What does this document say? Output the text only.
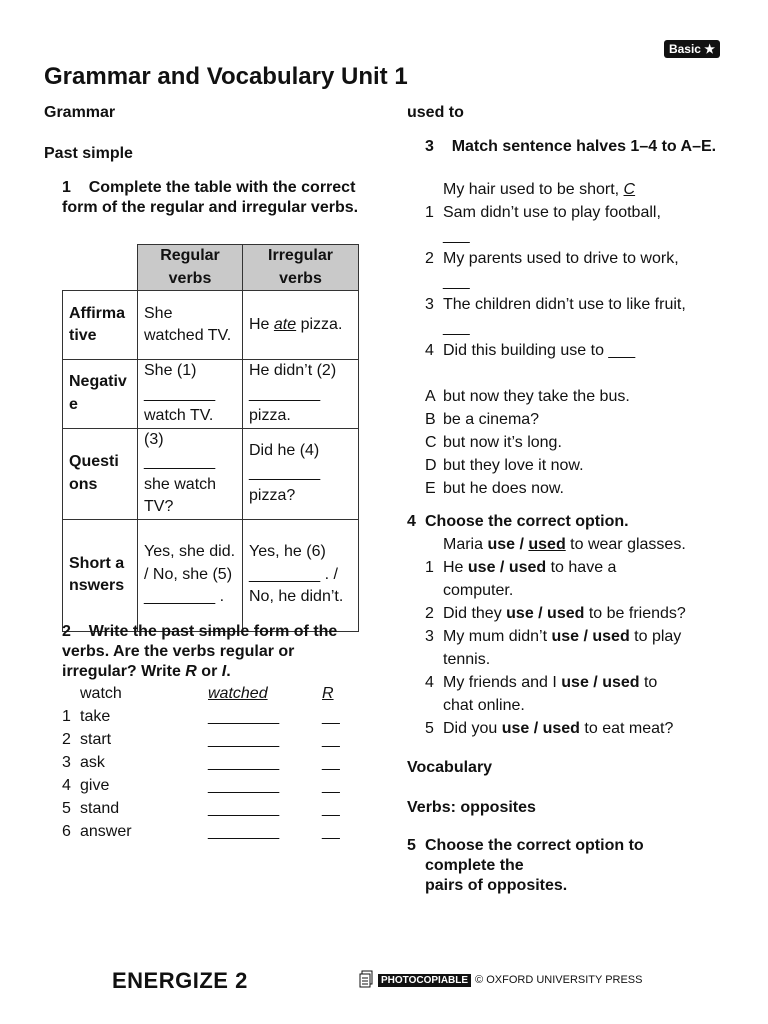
Basic ★
Grammar and Vocabulary Unit 1
Grammar
Past simple
1 Complete the table with the correct form of the regular and irregular verbs.
	Regular verbs	Irregular verbs

Affirmative	She watched TV.	He ate pizza.

Negative	She (1) ________ watch TV.	He didn’t (2) ________ pizza.

Questions	(3) ________ she watch TV?	Did he (4) ________ pizza?

Short answers	Yes, she did. / No, she (5) ________ .	Yes, he (6) ________ . / No, he didn’t.
2 Write the past simple form of the verbs. Are the verbs regular or irregular? Write R or I.
watch	watched	R
1 take	________	__
2 start	________	__
3 ask	________	__
4 give	________	__
5 stand	________	__
6 answer	________	__
used to
3 Match sentence halves 1–4 to A–E.
My hair used to be short, C
1 Sam didn’t use to play football,
___
2 My parents used to drive to work,
___
3 The children didn’t use to like fruit,
___
4 Did this building use to ___
A but now they take the bus.
B be a cinema?
C but now it’s long.
D but they love it now.
E but he does now.
4 Choose the correct option.
Maria use / used to wear glasses.
1 He use / used to have a
computer.
2 Did they use / used to be friends?
3 My mum didn’t use / used to play
tennis.
4 My friends and I use / used to
chat online.
5 Did you use / used to eat meat?
Vocabulary
Verbs: opposites
5 Choose the correct option to
complete the
pairs of opposites.
ENERGIZE 2	PHOTOCOPIABLE © OXFORD UNIVERSITY PRESS
